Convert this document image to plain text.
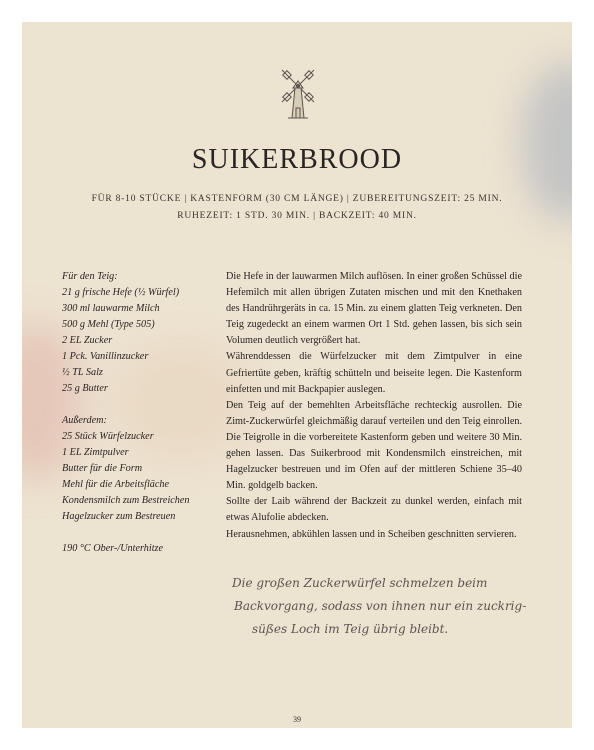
SUIKERBROOD
FÜR 8-10 STÜCKE | KASTENFORM (30 CM LÄNGE) | ZUBEREITUNGSZEIT: 25 MIN.
RUHEZEIT: 1 STD. 30 MIN. | BACKZEIT: 40 MIN.
Für den Teig:
21 g frische Hefe (½ Würfel)
300 ml lauwarme Milch
500 g Mehl (Type 505)
2 EL Zucker
1 Pck. Vanillinzucker
½ TL Salz
25 g Butter
Außerdem:
25 Stück Würfelzucker
1 EL Zimtpulver
Butter für die Form
Mehl für die Arbeitsfläche
Kondensmilch zum Bestreichen
Hagelzucker zum Bestreuen
190 °C Ober-/Unterhitze

Die Hefe in der lauwarmen Milch auflösen. In einer großen Schüssel die Hefemilch mit allen übrigen Zutaten mischen und mit den Knethaken des Handrührgeräts in ca. 15 Min. zu einem glatten Teig verkneten. Den Teig zugedeckt an einem warmen Ort 1 Std. gehen lassen, bis sich sein Volumen deutlich vergrößert hat.

Währenddessen die Würfelzucker mit dem Zimtpulver in eine Gefriertüte geben, kräftig schütteln und beiseite legen. Die Kastenform einfetten und mit Backpapier auslegen.

Den Teig auf der bemehlten Arbeitsfläche rechteckig ausrollen. Die Zimt-Zuckerwürfel gleichmäßig darauf verteilen und den Teig einrollen. Die Teigrolle in die vorbereitete Kastenform geben und weitere 30 Min. gehen lassen. Das Suikerbrood mit Kondensmilch einstreichen, mit Hagelzucker bestreuen und im Ofen auf der mittleren Schiene 35–40 Min. goldgelb backen.

Sollte der Laib während der Backzeit zu dunkel werden, einfach mit etwas Alufolie abdecken.

Herausnehmen, abkühlen lassen und in Scheiben geschnitten servieren.

Die großen Zuckerwürfel schmelzen beim
Backvorgang, sodass von ihnen nur ein zuckrig-
süßes Loch im Teig übrig bleibt.
39
